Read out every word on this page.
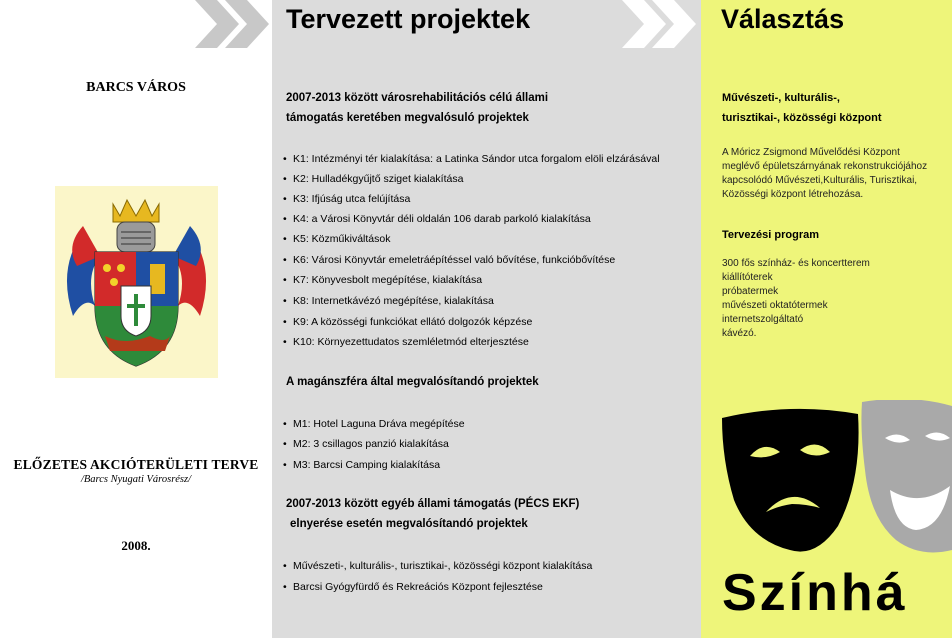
BARCS VÁROS
ELŐZETES AKCIÓTERÜLETI TERVE
/Barcs Nyugati Városrész/
2008.
Tervezett projektek
2007-2013 között városrehabilitációs célú állami
támogatás keretében megvalósuló projektek
• K1: Intézményi tér kialakítása: a Latinka Sándor utca forgalom elöli elzárásával
• K2: Hulladékgyűjtő sziget kialakítása
• K3: Ifjúság utca felújítása
• K4: a Városi Könyvtár déli oldalán 106 darab parkoló kialakítása
• K5: Közműkiváltások
• K6: Városi Könyvtár emeletráépítéssel való bővítése, funkcióbővítése
• K7: Könyvesbolt megépítése, kialakítása
• K8: Internetkávézó megépítése, kialakítása
• K9: A közösségi funkciókat ellátó dolgozók képzése
• K10: Környezettudatos szemléletmód elterjesztése
A magánszféra által megvalósítandó projektek
• M1: Hotel Laguna Dráva megépítése
• M2: 3 csillagos panzió kialakítása
• M3: Barcsi Camping kialakítása
2007-2013 között egyéb állami támogatás (PÉCS EKF)
elnyerése esetén megvalósítandó projektek
• Művészeti-, kulturális-, turisztikai-, közösségi központ kialakítása
• Barcsi Gyógyfürdő és Rekreációs Központ fejlesztése
Választás
Művészeti-, kulturális-,
turisztikai-, közösségi központ
A Móricz Zsigmond Művelődési Központ
meglévő épületszárnyának rekonstrukciójához
kapcsolódó Művészeti,Kulturális, Turisztikai,
Közösségi központ létrehozása.
Tervezési program
300 fős színház- és koncertterem
kiállítóterek
próbatermek
művészeti oktatótermek
internetszolgáltató
kávézó.
Színhá
